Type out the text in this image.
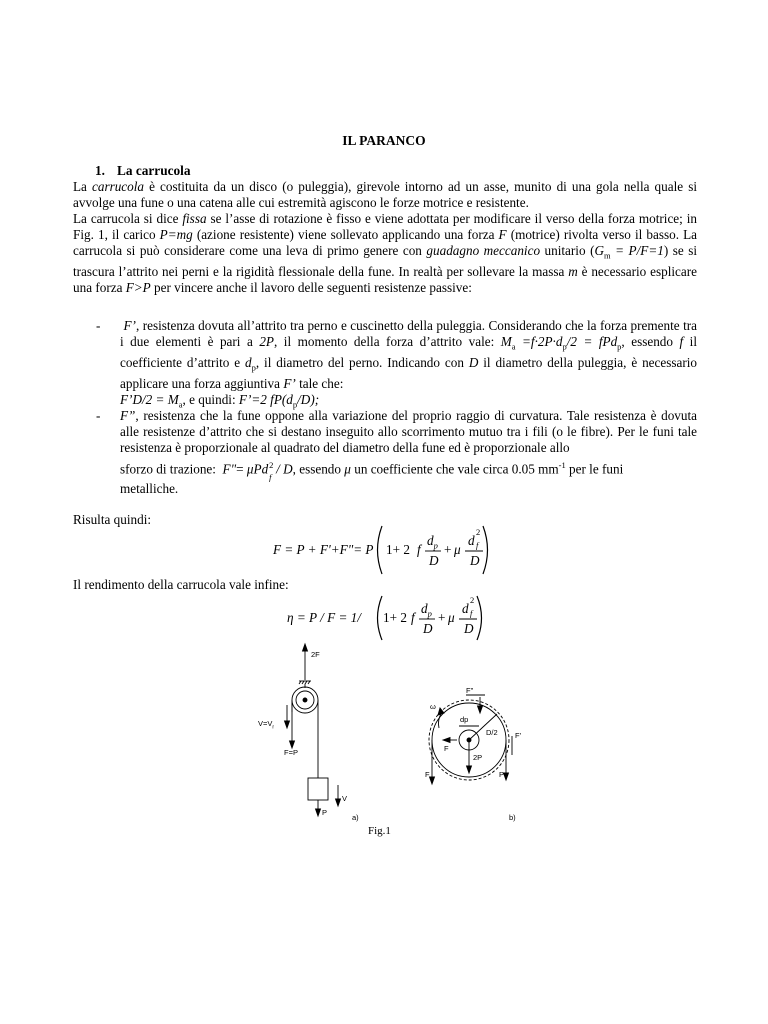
IL PARANCO
1. La carrucola
La carrucola è costituita da un disco (o puleggia), girevole intorno ad un asse, munito di una gola nella quale si avvolge una fune o una catena alle cui estremità agiscono le forze motrice e resistente.
La carrucola si dice fissa se l’asse di rotazione è fisso e viene adottata per modificare il verso della forza motrice; in Fig. 1, il carico P=mg (azione resistente) viene sollevato applicando una forza F (motrice) rivolta verso il basso. La carrucola si può considerare come una leva di primo genere con guadagno meccanico unitario $(G_m = P/F=1)$ se si trascura l’attrito nei perni e la rigidità flessionale della fune. In realtà per sollevare la massa m è necessario esplicare una forza F>P per vincere anche il lavoro delle seguenti resistenze passive:
- F’, resistenza dovuta all’attrito tra perno e cuscinetto della puleggia. Considerando che la forza premente tra i due elementi è pari a 2P, il momento della forza d’attrito vale: $M_a =f\cdot 2P\cdot d_p/2 = fPd_p$, essendo f il coefficiente d’attrito e $d_p$, il diametro del perno. Indicando con D il diametro della puleggia, è necessario applicare una forza aggiuntiva F’ tale che:
F’D/2 = $M_a$, e quindi: F’=2 $fP(d_p/D)$;
- F”, resistenza che la fune oppone alla variazione del proprio raggio di curvatura. Tale resistenza è dovuta alle resistenze d’attrito che si destano inseguito allo scorrimento mutuo tra i fili (o le fibre). Per le funi tale resistenza è proporzionale al quadrato del diametro della fune ed è proporzionale allo
sforzo di trazione: F"= μPd 2
f
/ D, essendo μ un coefficiente che vale circa 0.05 $mm^{-1}$ per le funi
metalliche.
Risulta quindi:
F = P + F'+F"= P 1+ 2 f
$d_p$
D
+ μ
d
2
f
D
Il rendimento della carrucola vale infine:
η = P / F = 1/ 1+ 2 f
$d_p$
D
+ μ
d
2
f
D
2F
$V=V_r$
F=P
V
P
a)
F"
ω
dp
D/2 F'
F
2P
F	P
b)
Fig.1
